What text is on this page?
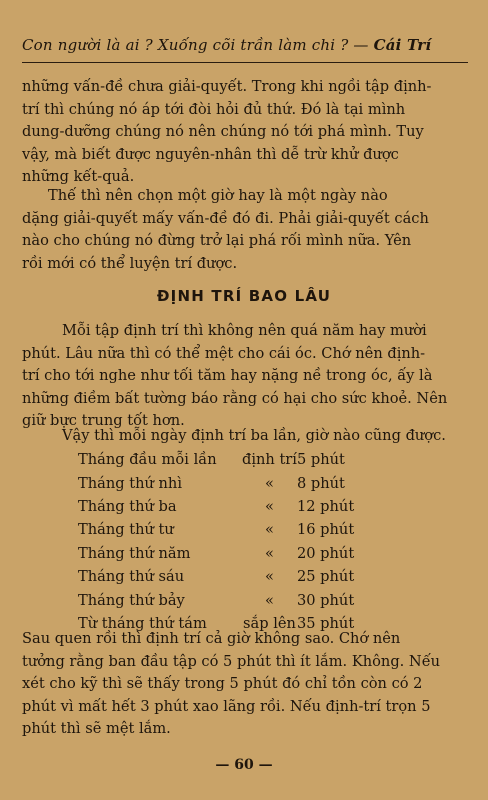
Con người là ai ? Xuống cõi trần làm chi ? — Cái Trí
những vấn-đề chưa giải-quyết. Trong khi ngồi tập định-
trí thì chúng nó áp tới đòi hỏi đủ thứ. Đó là tại mình
dung-dưỡng chúng nó nên chúng nó tới phá mình. Tuy
vậy, mà biết được nguyên-nhân thì dễ trừ khử được
những kết-quả.
Thế thì nên chọn một giờ hay là một ngày nào
dặng giải-quyết mấy vấn-đề đó đi. Phải giải-quyết cách
nào cho chúng nó đừng trở lại phá rối mình nữa. Yên
rồi mới có thể luyện trí được.
ĐỊNH TRÍ BAO LÂU
Mỗi tập định trí thì không nên quá năm hay mười
phút. Lâu nữa thì có thể mệt cho cái óc. Chớ nên định-
trí cho tới nghe như tối tăm hay nặng nề trong óc, ấy là
những điềm bất tường báo rằng có hại cho sức khoẻ. Nên
giữ bực trung tốt hơn.
Vậy thì mỗi ngày định trí ba lần, giờ nào cũng được.
Tháng đầu mỗi lần	định trí	5 phút
Tháng thứ nhì	«	8 phút
Tháng thứ ba	«	12 phút
Tháng thứ tư	«	16 phút
Tháng thứ năm	«	20 phút
Tháng thứ sáu	«	25 phút
Tháng thứ bảy	«	30 phút
Từ tháng thứ tám	sắp lên	35 phút
Sau quen rồi thì định trí cả giờ không sao. Chớ nên
tưởng rằng ban đầu tập có 5 phút thì ít lắm. Không. Nếu
xét cho kỹ thì sẽ thấy trong 5 phút đó chỉ tồn còn có 2
phút vì mất hết 3 phút xao lãng rồi. Nếu định-trí trọn 5
phút thì sẽ mệt lắm.
— 60 —
